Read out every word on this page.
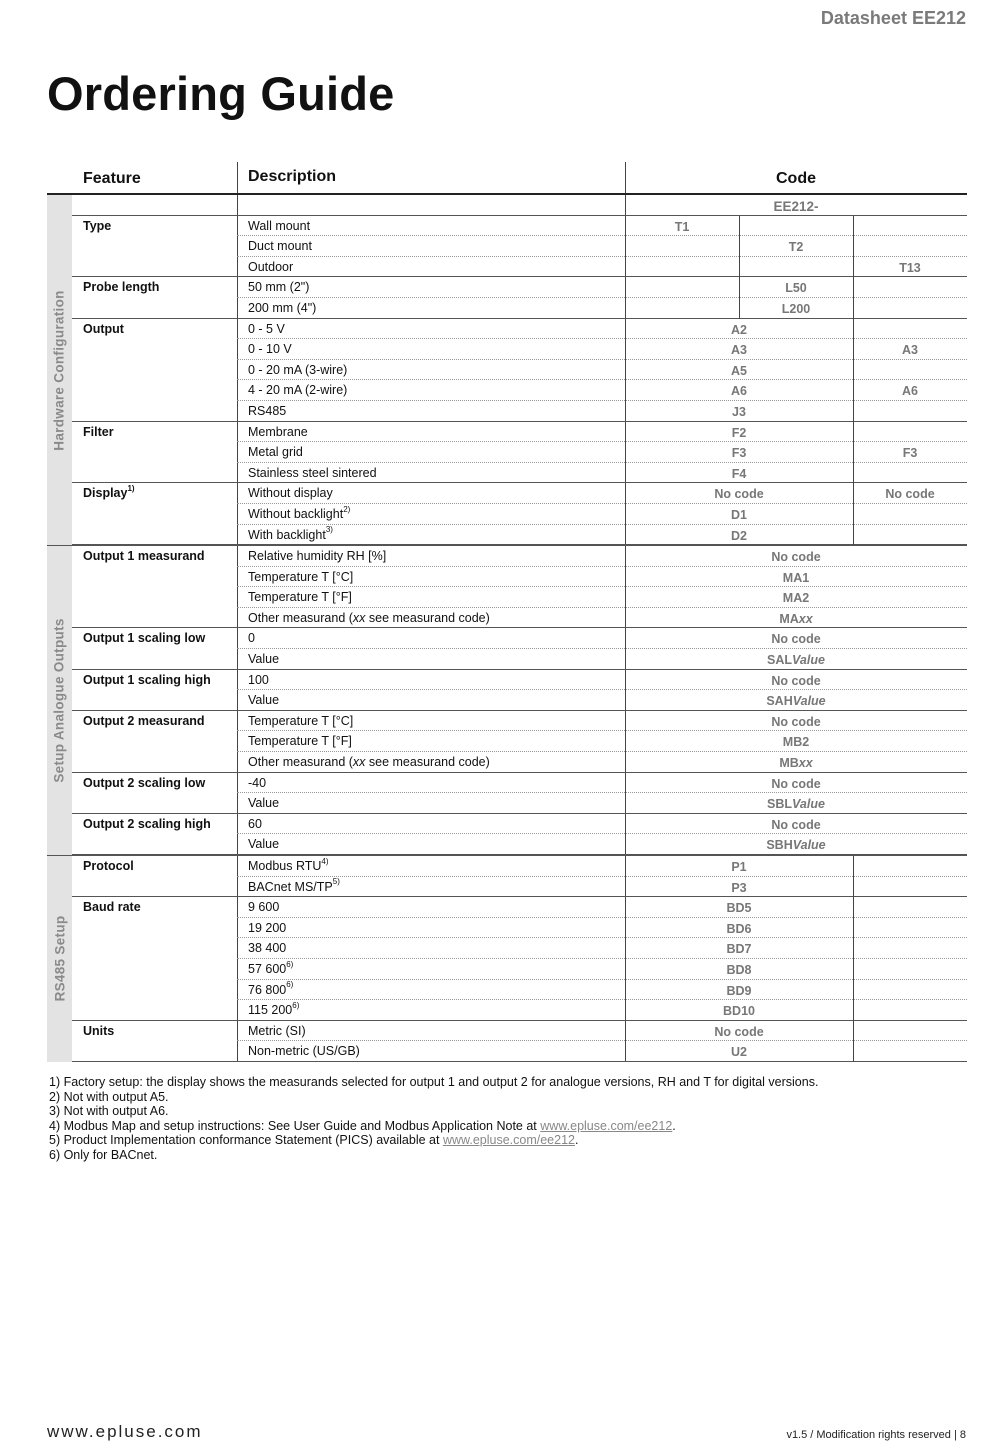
Datasheet EE212
Ordering Guide
Feature	Description	Code
Hardware Configuration
EE212-
Type	Wall mount	T1
Duct mount	T2
Outdoor	T13
Probe length	50 mm (2")	L50
200 mm (4")	L200
Output	0 - 5 V	A2
0 - 10 V	A3	A3
0 - 20 mA (3-wire)	A5
4 - 20 mA (2-wire)	A6	A6
RS485	J3
Filter	Membrane	F2
Metal grid	F3	F3
Stainless steel sintered	F4
Display$^{1)}$	Without display	No code	No code
Without backlight$^{2)}$	D1
With backlight$^{3)}$	D2
Setup Analogue Outputs
Output 1 measurand	Relative humidity RH [%]	No code
Temperature T [°C]	MA1
Temperature T [°F]	MA2
Other measurand (xx see measurand code)	MAxx
Output 1 scaling low	0	No code
Value	SALValue
Output 1 scaling high	100	No code
Value	SAHValue
Output 2 measurand	Temperature T [°C]	No code
Temperature T [°F]	MB2
Other measurand (xx see measurand code)	MBxx
Output 2 scaling low	-40	No code
Value	SBLValue
Output 2 scaling high	60	No code
Value	SBHValue
RS485 Setup
Protocol	Modbus RTU$^{4)}$	P1
BACnet MS/TP$^{5)}$	P3
Baud rate	9 600	BD5
19 200	BD6
38 400	BD7
57 600$^{6)}$	BD8
76 800$^{6)}$	BD9
115 200$^{6)}$	BD10
Units	Metric (SI)	No code
Non-metric (US/GB)	U2
1) Factory setup: the display shows the measurands selected for output 1 and output 2 for analogue versions, RH and T for digital versions.
2) Not with output A5.
3) Not with output A6.
4) Modbus Map and setup instructions: See User Guide and Modbus Application Note at www.epluse.com/ee212.
5) Product Implementation conformance Statement (PICS) available at www.epluse.com/ee212.
6) Only for BACnet.
www.epluse.com	v1.5 / Modification rights reserved | 8
